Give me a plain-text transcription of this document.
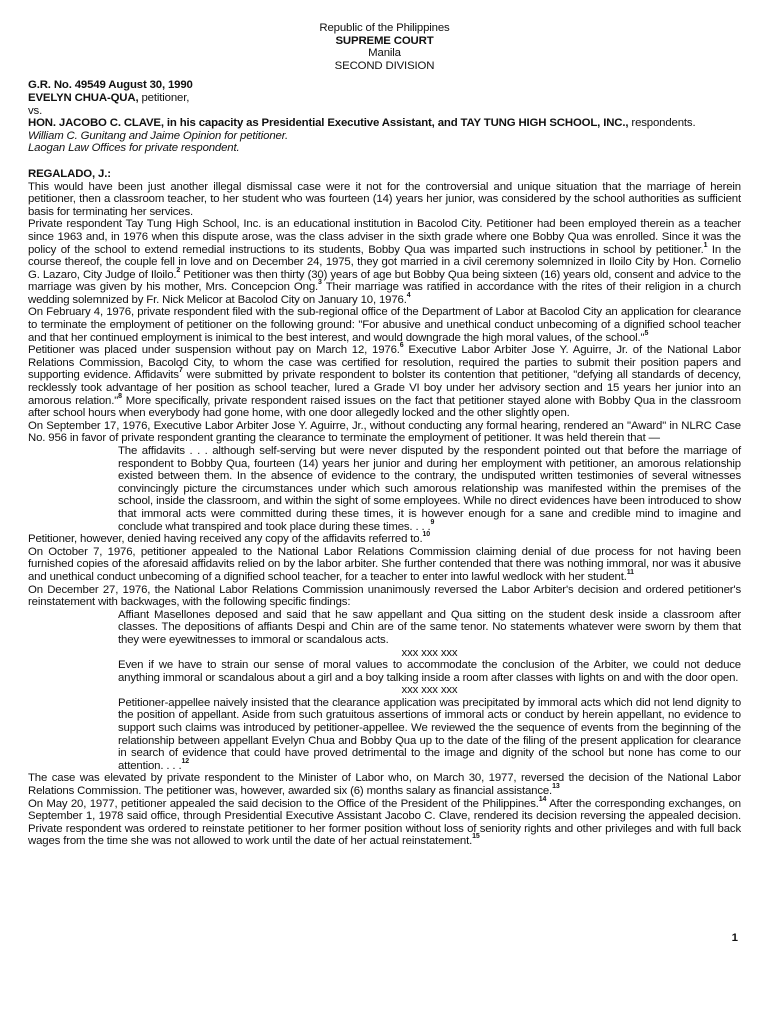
Republic of the Philippines
SUPREME COURT
Manila
SECOND DIVISION
G.R. No. 49549 August 30, 1990
EVELYN CHUA-QUA, petitioner,
vs.
HON. JACOBO C. CLAVE, in his capacity as Presidential Executive Assistant, and TAY TUNG HIGH SCHOOL, INC., respondents.
William C. Gunitang and Jaime Opinion for petitioner.
Laogan Law Offices for private respondent.
REGALADO, J.:

This would have been just another illegal dismissal case were it not for the controversial and unique situation that the marriage of herein petitioner, then a classroom teacher, to her student who was fourteen (14) years her junior, was considered by the school authorities as sufficient basis for terminating her services.

Private respondent Tay Tung High School, Inc. is an educational institution in Bacolod City. Petitioner had been employed therein as a teacher since 1963 and, in 1976 when this dispute arose, was the class adviser in the sixth grade where one Bobby Qua was enrolled. Since it was the policy of the school to extend remedial instructions to its students, Bobby Qua was imparted such instructions in school by petitioner.$^1$ In the course thereof, the couple fell in love and on December 24, 1975, they got married in a civil ceremony solemnized in Iloilo City by Hon. Cornelio G. Lazaro, City Judge of Iloilo.$^2$ Petitioner was then thirty (30) years of age but Bobby Qua being sixteen (16) years old, consent and advice to the marriage was given by his mother, Mrs. Concepcion Ong.$^3$ Their marriage was ratified in accordance with the rites of their religion in a church wedding solemnized by Fr. Nick Melicor at Bacolod City on January 10, 1976.$^4$

On February 4, 1976, private respondent filed with the sub-regional office of the Department of Labor at Bacolod City an application for clearance to terminate the employment of petitioner on the following ground: "For abusive and unethical conduct unbecoming of a dignified school teacher and that her continued employment is inimical to the best interest, and would downgrade the high moral values, of the school."$^5$

Petitioner was placed under suspension without pay on March 12, 1976.$^6$ Executive Labor Arbiter Jose Y. Aguirre, Jr. of the National Labor Relations Commission, Bacolod City, to whom the case was certified for resolution, required the parties to submit their position papers and supporting evidence. Affidavits$^7$ were submitted by private respondent to bolster its contention that petitioner, "defying all standards of decency, recklessly took advantage of her position as school teacher, lured a Grade VI boy under her advisory section and 15 years her junior into an amorous relation."$^8$ More specifically, private respondent raised issues on the fact that petitioner stayed alone with Bobby Qua in the classroom after school hours when everybody had gone home, with one door allegedly locked and the other slightly open.

On September 17, 1976, Executive Labor Arbiter Jose Y. Aguirre, Jr., without conducting any formal hearing, rendered an "Award" in NLRC Case No. 956 in favor of private respondent granting the clearance to terminate the employment of petitioner. It was held therein that —

The affidavits . . . although self-serving but were never disputed by the respondent pointed out that before the marriage of respondent to Bobby Qua, fourteen (14) years her junior and during her employment with petitioner, an amorous relationship existed between them. In the absence of evidence to the contrary, the undisputed written testimonies of several witnesses convincingly picture the circumstances under which such amorous relationship was manifested within the premises of the school, inside the classroom, and within the sight of some employees. While no direct evidences have been introduced to show that immoral acts were committed during these times, it is however enough for a sane and credible mind to imagine and conclude what transpired and took place during these times. . . .$^9$

Petitioner, however, denied having received any copy of the affidavits referred to.$^{10}$

On October 7, 1976, petitioner appealed to the National Labor Relations Commission claiming denial of due process for not having been furnished copies of the aforesaid affidavits relied on by the labor arbiter. She further contended that there was nothing immoral, nor was it abusive and unethical conduct unbecoming of a dignified school teacher, for a teacher to enter into lawful wedlock with her student.$^{11}$

On December 27, 1976, the National Labor Relations Commission unanimously reversed the Labor Arbiter's decision and ordered petitioner's reinstatement with backwages, with the following specific findings:

Affiant Masellones deposed and said that he saw appellant and Qua sitting on the student desk inside a classroom after classes. The depositions of affiants Despi and Chin are of the same tenor. No statements whatever were sworn by them that they were eyewitnesses to immoral or scandalous acts.

xxx xxx xxx

Even if we have to strain our sense of moral values to accommodate the conclusion of the Arbiter, we could not deduce anything immoral or scandalous about a girl and a boy talking inside a room after classes with lights on and with the door open.

xxx xxx xxx

Petitioner-appellee naively insisted that the clearance application was precipitated by immoral acts which did not lend dignity to the position of appellant. Aside from such gratuitous assertions of immoral acts or conduct by herein appellant, no evidence to support such claims was introduced by petitioner-appellee. We reviewed the the sequence of events from the beginning of the relationship between appellant Evelyn Chua and Bobby Qua up to the date of the filing of the present application for clearance in search of evidence that could have proved detrimental to the image and dignity of the school but none has come to our attention. . . .$^{12}$

The case was elevated by private respondent to the Minister of Labor who, on March 30, 1977, reversed the decision of the National Labor Relations Commission. The petitioner was, however, awarded six (6) months salary as financial assistance.$^{13}$

On May 20, 1977, petitioner appealed the said decision to the Office of the President of the Philippines.$^{14}$ After the corresponding exchanges, on September 1, 1978 said office, through Presidential Executive Assistant Jacobo C. Clave, rendered its decision reversing the appealed decision. Private respondent was ordered to reinstate petitioner to her former position without loss of seniority rights and other privileges and with full back wages from the time she was not allowed to work until the date of her actual reinstatement.$^{15}$

1
